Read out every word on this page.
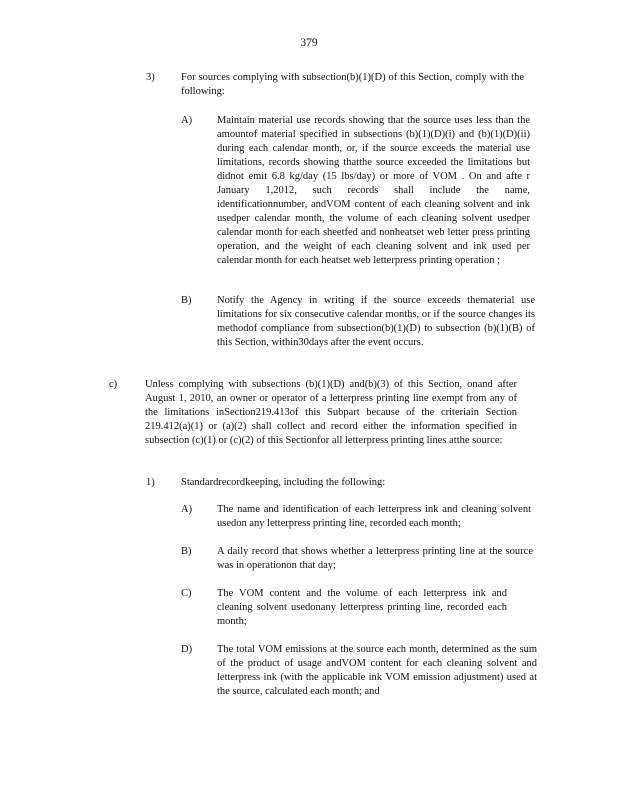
379
3)	For sources complying with subsection(b)(1)(D) of this Section, comply with the following:
A) Maintain material use records showing that the source uses less than the amountof material specified in subsections (b)(1)(D)(i) and (b)(1)(D)(ii) during each calendar month, or, if the source exceeds the material use limitations, records showing thatthe source exceeded the limitations but didnot emit 6.8 kg/day (15 lbs/day) or more of VOM . On and afte r January 1,2012, such records shall include the name, identificationnumber, andVOM content of each cleaning solvent and ink usedper calendar month, the volume of each cleaning solvent usedper calendar month for each sheetfed and nonheatset web letter press printing operation, and the weight of each cleaning solvent and ink used per calendar month for each heatset web letterpress printing operation ;
B) Notify the Agency in writing if the source exceeds thematerial use limitations for six consecutive calendar months, or if the source changes its methodof compliance from subsection(b)(1)(D) to subsection (b)(1)(B) of this Section, within30days after the event occurs.
c)	Unless complying with subsections (b)(1)(D) and(b)(3) of this Section, onand after August 1, 2010, an owner or operator of a letterpress printing line exempt from any of the limitations inSection219.413of this Subpart because of the criteriain Section 219.412(a)(1) or (a)(2) shall collect and record either the information specified in subsection (c)(1) or (c)(2) of this Sectionfor all letterpress printing lines atthe source:
1)	Standardrecordkeeping, including the following:
A) The name and identification of each letterpress ink and cleaning solvent usedon any letterpress printing line, recorded each month;
B) A daily record that shows whether a letterpress printing line at the source was in operationon that day;
C) The VOM content and the volume of each letterpress ink and cleaning solvent usedonany letterpress printing line, recorded each month;
D) The total VOM emissions at the source each month, determined as the sum of the product of usage andVOM content for each cleaning solvent and letterpress ink (with the applicable ink VOM emission adjustment) used at the source, calculated each month; and
